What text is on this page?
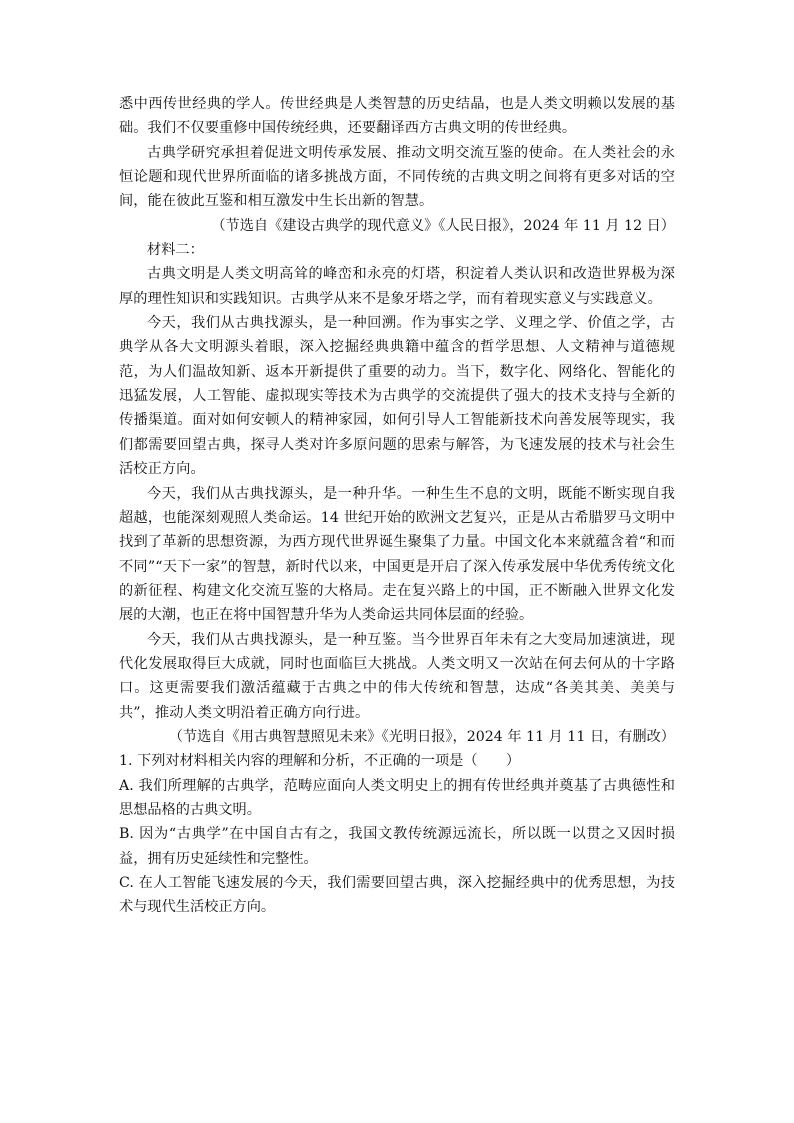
悉中西传世经典的学人。传世经典是人类智慧的历史结晶，也是人类文明赖以发展的基础。我们不仅要重修中国传统经典，还要翻译西方古典文明的传世经典。

古典学研究承担着促进文明传承发展、推动文明交流互鉴的使命。在人类社会的永恒论题和现代世界所面临的诸多挑战方面，不同传统的古典文明之间将有更多对话的空间，能在彼此互鉴和相互激发中生长出新的智慧。

（节选自《建设古典学的现代意义》《人民日报》，2024 年 11 月 12 日）

材料二：

古典文明是人类文明高耸的峰峦和永亮的灯塔，积淀着人类认识和改造世界极为深厚的理性知识和实践知识。古典学从来不是象牙塔之学，而有着现实意义与实践意义。

今天，我们从古典找源头，是一种回溯。作为事实之学、义理之学、价值之学，古典学从各大文明源头着眼，深入挖掘经典典籍中蕴含的哲学思想、人文精神与道德规范，为人们温故知新、返本开新提供了重要的动力。当下，数字化、网络化、智能化的迅猛发展，人工智能、虚拟现实等技术为古典学的交流提供了强大的技术支持与全新的传播渠道。面对如何安顿人的精神家园，如何引导人工智能新技术向善发展等现实，我们都需要回望古典，探寻人类对许多原问题的思索与解答，为飞速发展的技术与社会生活校正方向。

今天，我们从古典找源头，是一种升华。一种生生不息的文明，既能不断实现自我超越，也能深刻观照人类命运。14 世纪开始的欧洲文艺复兴，正是从古希腊罗马文明中找到了革新的思想资源，为西方现代世界诞生聚集了力量。中国文化本来就蕴含着“和而不同”“天下一家”的智慧，新时代以来，中国更是开启了深入传承发展中华优秀传统文化的新征程、构建文化交流互鉴的大格局。走在复兴路上的中国，正不断融入世界文化发展的大潮，也正在将中国智慧升华为人类命运共同体层面的经验。

今天，我们从古典找源头，是一种互鉴。当今世界百年未有之大变局加速演进，现代化发展取得巨大成就，同时也面临巨大挑战。人类文明又一次站在何去何从的十字路口。这更需要我们激活蕴藏于古典之中的伟大传统和智慧，达成“各美其美、美美与共”，推动人类文明沿着正确方向行进。

（节选自《用古典智慧照见未来》《光明日报》，2024 年 11 月 11 日，有删改）

1. 下列对材料相关内容的理解和分析，不正确的一项是（　　）

A. 我们所理解的古典学，范畴应面向人类文明史上的拥有传世经典并奠基了古典德性和思想品格的古典文明。

B. 因为“古典学”在中国自古有之，我国文教传统源远流长，所以既一以贯之又因时损益，拥有历史延续性和完整性。

C. 在人工智能飞速发展的今天，我们需要回望古典，深入挖掘经典中的优秀思想，为技术与现代生活校正方向。
